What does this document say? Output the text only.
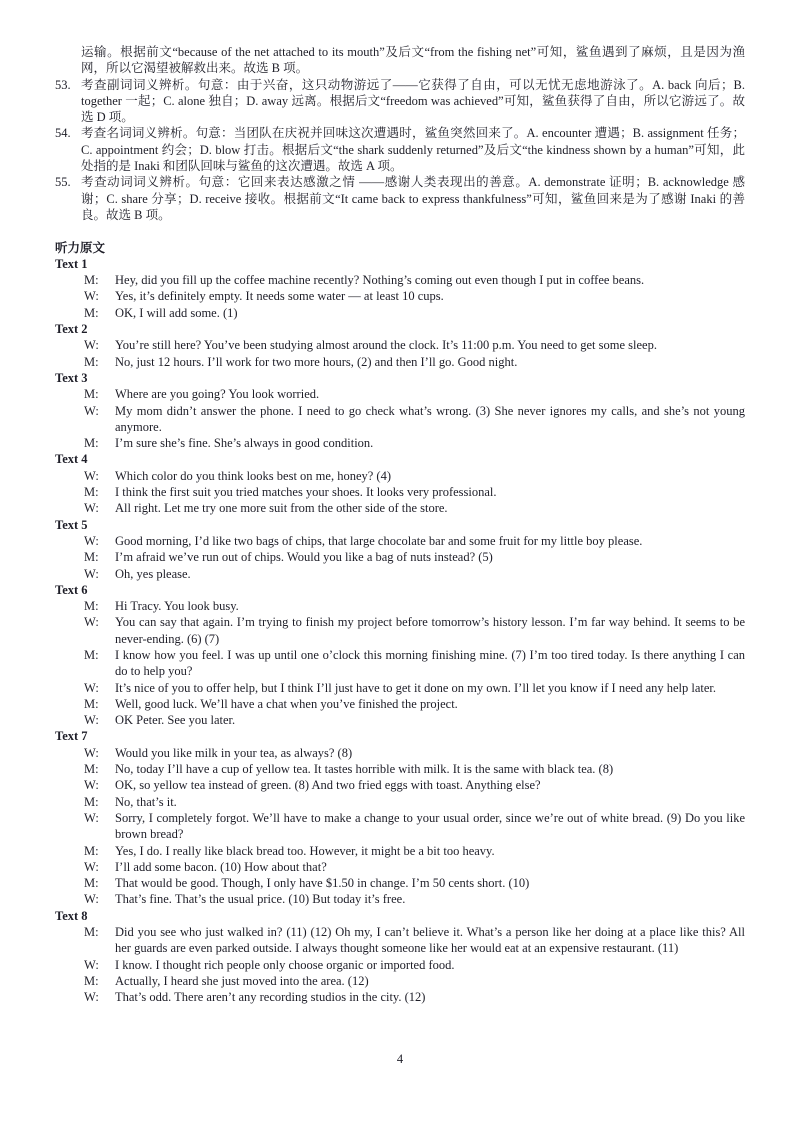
运输。根据前文“because of the net attached to its mouth”及后文“from the fishing net”可知，鲨鱼遇到了麻烦，且是因为渔网，所以它渴望被解救出来。故选 B 项。
53. 考查副词词义辨析。句意：由于兴奋，这只动物游远了——它获得了自由，可以无忧无虑地游泳了。A. back 向后；B. together 一起；C. alone 独自；D. away 远离。根据后文“freedom was achieved”可知，鲨鱼获得了自由，所以它游远了。故选 D 项。
54. 考查名词词义辨析。句意：当团队在庆祝并回味这次遭遇时，鲨鱼突然回来了。A. encounter 遭遇；B. assignment 任务；C. appointment 约会；D. blow 打击。根据后文“the shark suddenly returned”及后文“the kindness shown by a human”可知，此处指的是 Inaki 和团队回味与鲨鱼的这次遭遇。故选 A 项。
55. 考查动词词义辨析。句意：它回来表达感激之情 ——感谢人类表现出的善意。A. demonstrate 证明；B. acknowledge 感谢；C. share 分享；D. receive 接收。根据前文“It came back to express thankfulness”可知，鲨鱼回来是为了感谢 Inaki 的善良。故选 B 项。
听力原文
Text 1
M:	Hey, did you fill up the coffee machine recently? Nothing’s coming out even though I put in coffee beans.
W:	Yes, it’s definitely empty. It needs some water — at least 10 cups.
M:	OK, I will add some. (1)
Text 2
W:	You’re still here? You’ve been studying almost around the clock. It’s 11:00 p.m. You need to get some sleep.
M:	No, just 12 hours. I’ll work for two more hours, (2) and then I’ll go. Good night.
Text 3
M:	Where are you going? You look worried.
W:	My mom didn’t answer the phone. I need to go check what’s wrong. (3) She never ignores my calls, and she’s not young anymore.
M:	I’m sure she’s fine. She’s always in good condition.
Text 4
W:	Which color do you think looks best on me, honey? (4)
M:	I think the first suit you tried matches your shoes. It looks very professional.
W:	All right. Let me try one more suit from the other side of the store.
Text 5
W:	Good morning, I’d like two bags of chips, that large chocolate bar and some fruit for my little boy please.
M:	I’m afraid we’ve run out of chips. Would you like a bag of nuts instead? (5)
W:	Oh, yes please.
Text 6
M:	Hi Tracy. You look busy.
W:	You can say that again. I’m trying to finish my project before tomorrow’s history lesson. I’m far way behind. It seems to be never-ending. (6) (7)
M:	I know how you feel. I was up until one o’clock this morning finishing mine. (7) I’m too tired today. Is there anything I can do to help you?
W:	It’s nice of you to offer help, but I think I’ll just have to get it done on my own. I’ll let you know if I need any help later.
M:	Well, good luck. We’ll have a chat when you’ve finished the project.
W:	OK Peter. See you later.
Text 7
W:	Would you like milk in your tea, as always? (8)
M:	No, today I’ll have a cup of yellow tea. It tastes horrible with milk. It is the same with black tea. (8)
W:	OK, so yellow tea instead of green. (8) And two fried eggs with toast. Anything else?
M:	No, that’s it.
W:	Sorry, I completely forgot. We’ll have to make a change to your usual order, since we’re out of white bread. (9) Do you like brown bread?
M:	Yes, I do. I really like black bread too. However, it might be a bit too heavy.
W:	I’ll add some bacon. (10) How about that?
M:	That would be good. Though, I only have $1.50 in change. I’m 50 cents short. (10)
W:	That’s fine. That’s the usual price. (10) But today it’s free.
Text 8
M:	Did you see who just walked in? (11) (12) Oh my, I can’t believe it. What’s a person like her doing at a place like this? All her guards are even parked outside. I always thought someone like her would eat at an expensive restaurant. (11)
W:	I know. I thought rich people only choose organic or imported food.
M:	Actually, I heard she just moved into the area. (12)
W:	That’s odd. There aren’t any recording studios in the city. (12)
4
